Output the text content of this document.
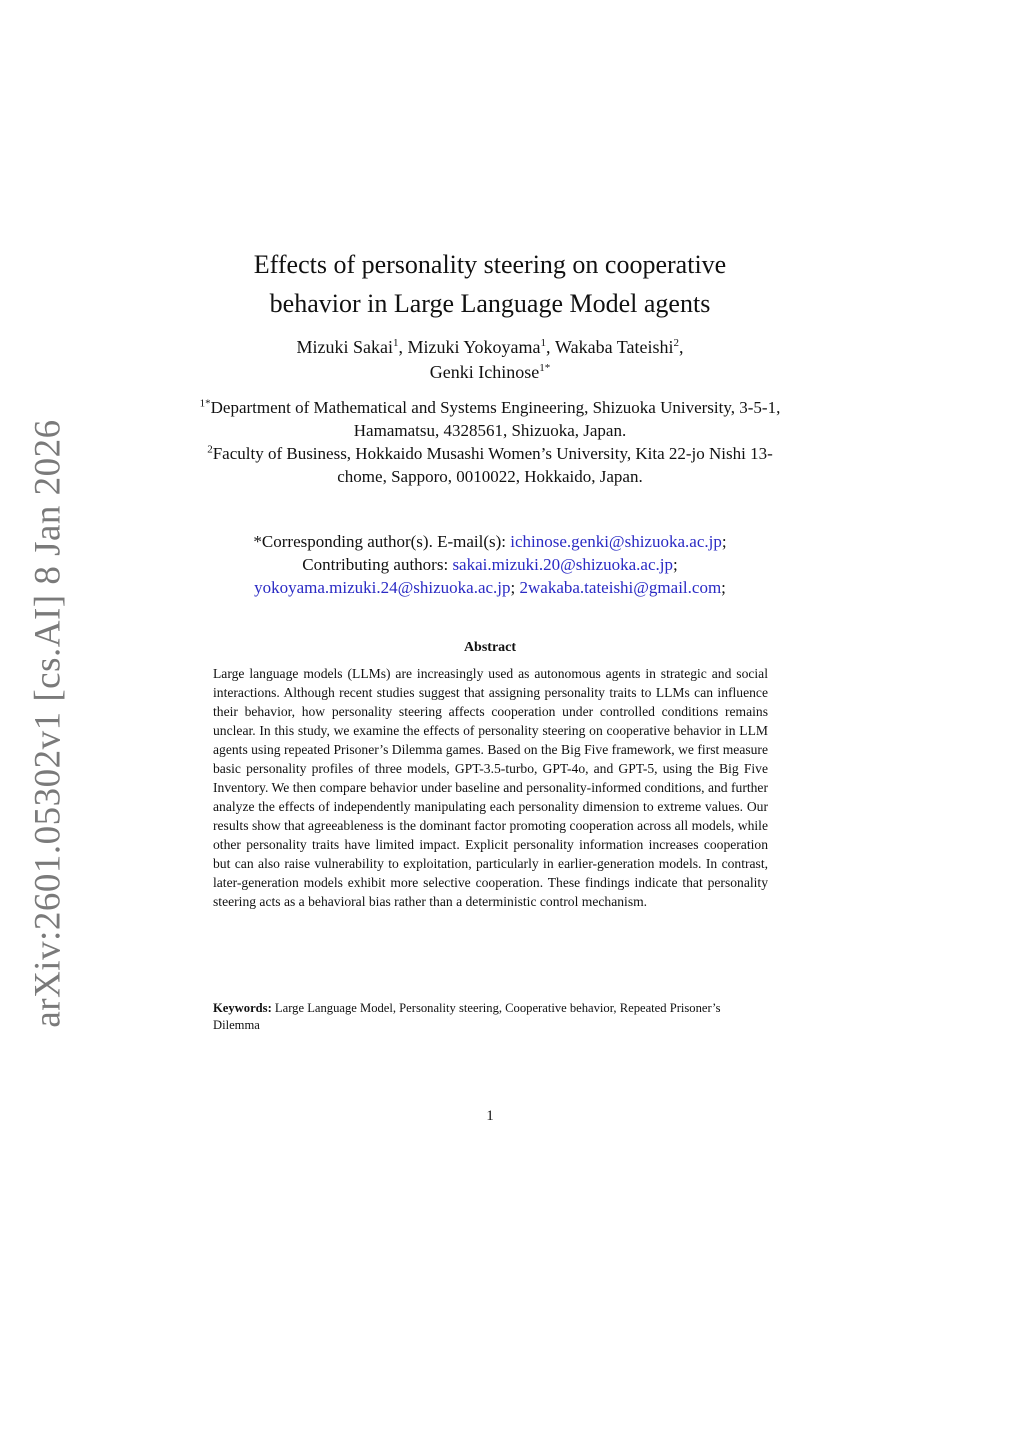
arXiv:2601.05302v1 [cs.AI] 8 Jan 2026
Effects of personality steering on cooperative
behavior in Large Language Model agents
Mizuki Sakai$^1$, Mizuki Yokoyama$^1$, Wakaba Tateishi$^2$,
Genki Ichinose$^{1*}$
$^{1*}$Department of Mathematical and Systems Engineering, Shizuoka University, 3-5-1, Hamamatsu, 4328561, Shizuoka, Japan.
$^2$Faculty of Business, Hokkaido Musashi Women’s University, Kita 22-jo Nishi 13-chome, Sapporo, 0010022, Hokkaido, Japan.
*Corresponding author(s). E-mail(s): ichinose.genki@shizuoka.ac.jp;
Contributing authors: sakai.mizuki.20@shizuoka.ac.jp;
yokoyama.mizuki.24@shizuoka.ac.jp; 2wakaba.tateishi@gmail.com;
Abstract

Large language models (LLMs) are increasingly used as autonomous agents in strategic and social interactions. Although recent studies suggest that assigning personality traits to LLMs can influence their behavior, how personality steering affects cooperation under controlled conditions remains unclear. In this study, we examine the effects of personality steering on cooperative behavior in LLM agents using repeated Prisoner’s Dilemma games. Based on the Big Five framework, we first measure basic personality profiles of three models, GPT-3.5-turbo, GPT-4o, and GPT-5, using the Big Five Inventory. We then compare behavior under baseline and personality-informed conditions, and further analyze the effects of independently manipulating each personality dimension to extreme values. Our results show that agreeableness is the dominant factor promoting cooperation across all models, while other personality traits have limited impact. Explicit personality information increases cooperation but can also raise vulnerability to exploitation, particularly in earlier-generation models. In contrast, later-generation models exhibit more selective cooperation. These findings indicate that personality steering acts as a behavioral bias rather than a deterministic control mechanism.

Keywords: Large Language Model, Personality steering, Cooperative behavior, Repeated Prisoner’s Dilemma
1
